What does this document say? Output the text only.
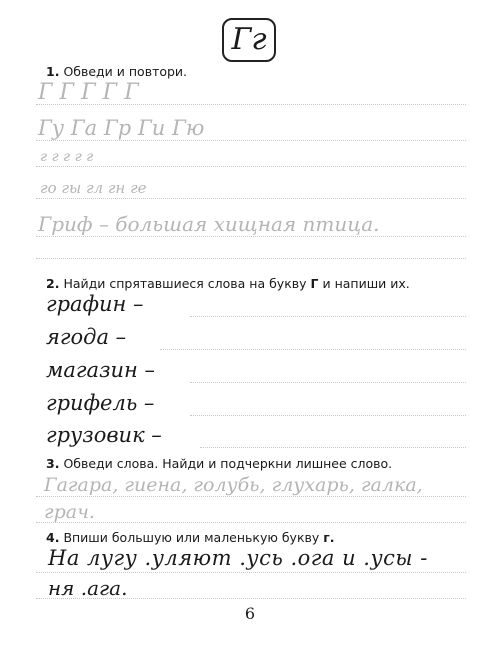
Гг
1. Обведи и повтори.
Г Г Г Г Г
Гу Га Гр Ги Гю
г г г г г
го гы гл гн ге
Гриф – большая хищная птица.
2. Найди спрятавшиеся слова на букву Г и напиши их.
графин –
ягода –
магазин –
грифель –
грузовик –
3. Обведи слова. Найди и подчеркни лишнее слово.
Гагара, гиена, голубь, глухарь, галка,
грач.
4. Впиши большую или маленькую букву г.
На лугу .уляют .усь .ога и .усы -
ня .ага.
6
